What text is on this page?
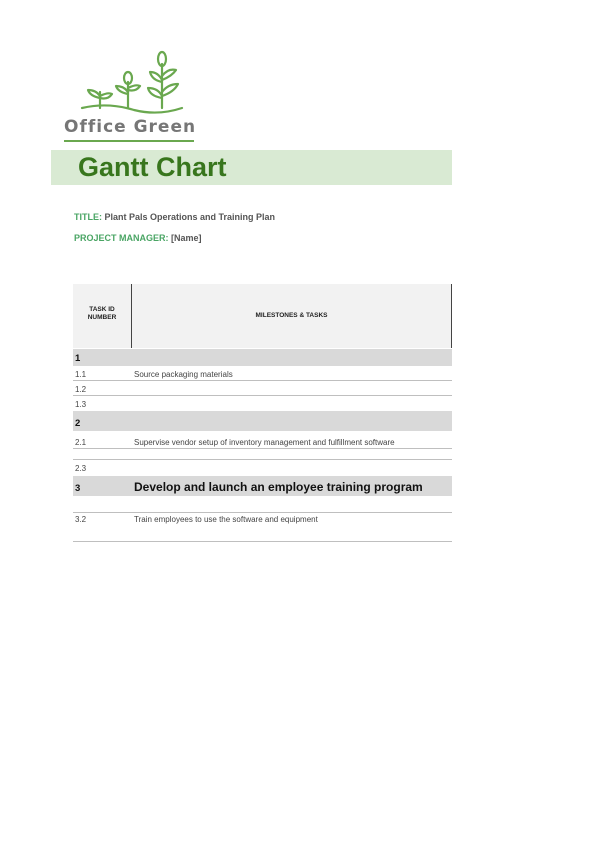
Office Green
Gantt Chart
TITLE: Plant Pals Operations and Training Plan
PROJECT MANAGER: [Name]
TASK ID
NUMBER	MILESTONES & TASKS
1
1.1	Source packaging materials
1.2
1.3
2
2.1	Supervise vendor setup of inventory management and fulfillment software
2.3
3	Develop and launch an employee training program
3.2	Train employees to use the software and equipment
